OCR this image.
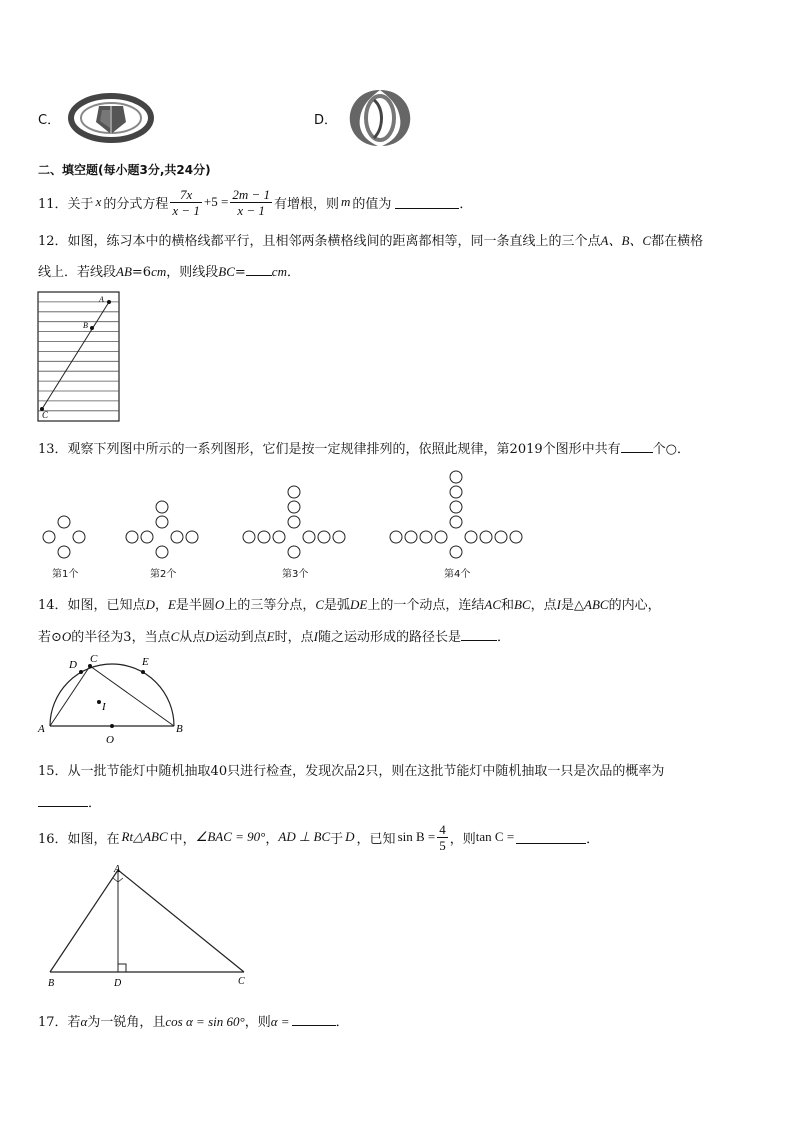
C．	D．
二、填空题(每小题3分,共24分)
11． 关于 x 的分式方程 $\frac{7x}{x - 1} +5 = \frac{2m - 1}{x - 1}$ 有增根，则 m 的值为	．
12．如图，练习本中的横格线都平行，且相邻两条横格线间的距离都相等，同一条直线上的三个点A、B、C都在横格
线上．若线段AB=6cm，则线段BC= cm．
A
B
C
13．观察下列图中所示的一系列图形，它们是按一定规律排列的，依照此规律，第2019个图形中共有 个○．
第1个	第2个	第3个	第4个
14．如图，已知点D，E是半圆O上的三等分点，C是弧DE上的一个动点，连结AC和BC，点I是△ABC的内心，
若⊙O的半径为3，当点C从点D运动到点E时，点I随之运动形成的路径长是	．
A	B
C
D	E
I
O
15．从一批节能灯中随机抽取40只进行检查，发现次品2只，则在这批节能灯中随机抽取一只是次品的概率为
．
16．如图，在 Rt△ABC 中， ∠BAC = 90° ， AD ⊥ BC 于 D ，已知 $\sin B = \frac{4}{5}$ ，则 tan C =	．
A
B	C
D
17．若α为一锐角，且cos α = sin 60°，则α =	．
